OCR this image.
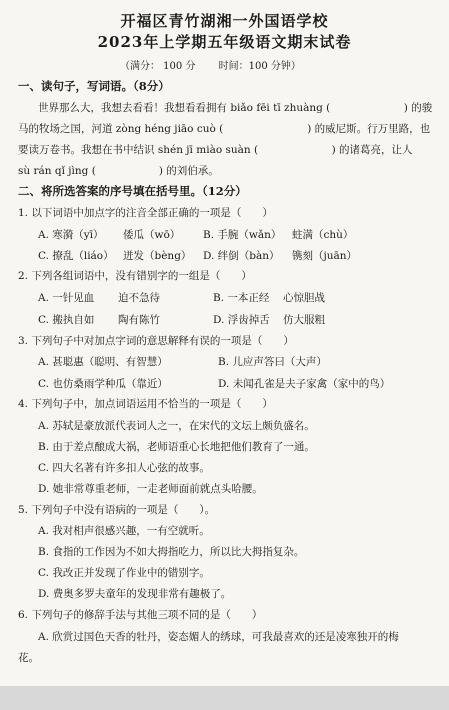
开福区青竹湖湘一外国语学校
2023年上学期五年级语文期末试卷
（满分： 100 分　　 时间：100 分钟）
一、读句子，写词语。（8分）
世界那么大，我想去看看！我想看看拥有 biǎo fēi tī zhuàng (　　　　　　　) 的骏
马的牧场之国，河道 zòng héng jiāo cuò (　　　　　　　　) 的威尼斯。行万里路，也
要读万卷书。我想在书中结识 shén jī miào suàn (　　　　　　　) 的诸葛亮，让人
sù rán qǐ jìng (　　　　　　) 的刘伯承。
二、将所选答案的序号填在括号里。（12分）
1. 以下词语中加点字的注音全部正确的一项是（　　）
A. 寒漪（yī） 倭瓜（wō） B. 手腕（wǎn） 蛀满（chù）
C. 撩乱（liáo） 迸发（bèng） D. 绊倒（bàn） 镌刻（juān）
2. 下列各组词语中，没有错别字的一组是（　　）
A. 一针见血 迫不急待	B. 一本正经 心惊胆战
C. 搬执自如 陶有陈竹	D. 浮齿掉舌 仿大服粗
3. 下列句子中对加点字词的意思解释有误的一项是（　　）
A. 甚聪惠（聪明、有智慧）	B. 儿应声答曰（大声）
C. 也仿桑雨学种瓜（靠近）	D. 未闻孔雀是夫子家禽（家中的鸟）
4. 下列句子中，加点词语运用不恰当的一项是（　　）
A. 苏轼是豪放派代表词人之一，在宋代的文坛上颇负盛名。
B. 由于差点酿成大祸，老师语重心长地把他们教育了一通。
C. 四大名著有许多扣人心弦的故事。
D. 她非常尊重老师，一走老师面前就点头哈腰。
5. 下列句子中没有语病的一项是（　　）。
A. 我对相声很感兴趣，一有空就听。
B. 食指的工作因为不如大拇指吃力，所以比大拇指复杂。
C. 我改正并发现了作业中的错别字。
D. 费奥多罗夫童年的发现非常有趣极了。
6. 下列句子的修辞手法与其他三项不同的是（　　）
A. 欣赏过国色天香的牡丹，姿态媚人的绣球，可我最喜欢的还是凌寒独开的梅
花。
